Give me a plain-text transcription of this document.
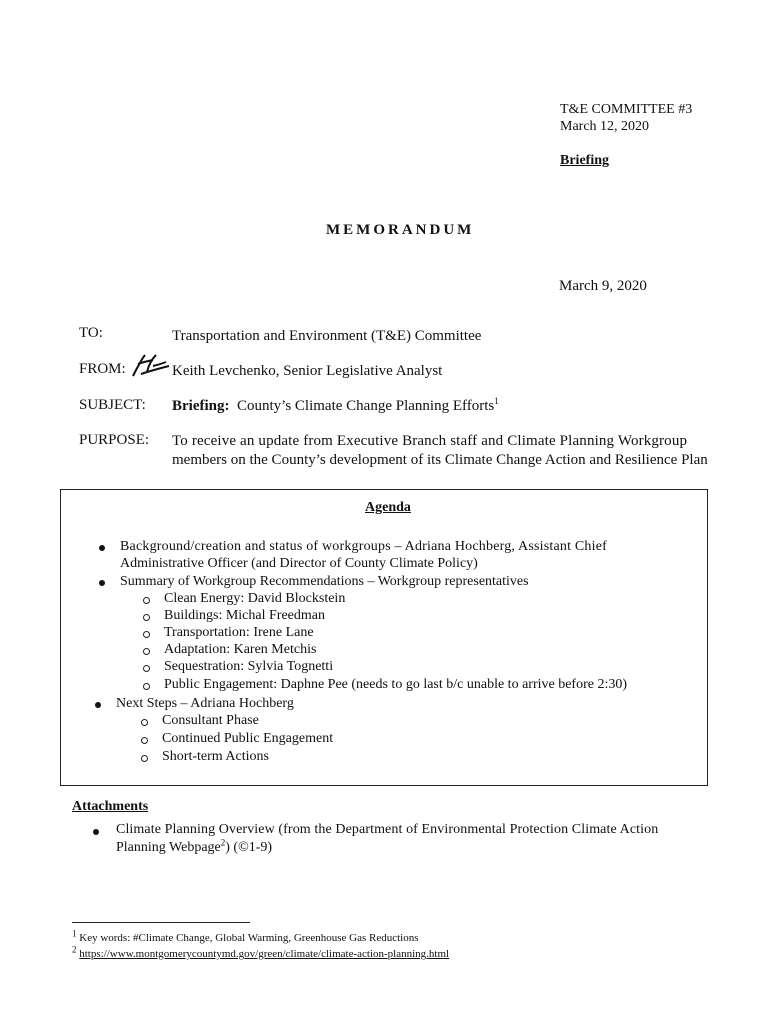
T&E COMMITTEE #3
March 12, 2020
Briefing
MEMORANDUM
March 9, 2020
TO:	Transportation and Environment (T&E) Committee
FROM:	Keith Levchenko, Senior Legislative Analyst
SUBJECT: Briefing: County’s Climate Change Planning Efforts$^1$
PURPOSE: To receive an update from Executive Branch staff and Climate Planning Workgroup
members on the County’s development of its Climate Change Action and Resilience Plan
Agenda
Background/creation and status of workgroups – Adriana Hochberg, Assistant Chief
Administrative Officer (and Director of County Climate Policy)
Summary of Workgroup Recommendations – Workgroup representatives
Clean Energy: David Blockstein
Buildings: Michal Freedman
Transportation: Irene Lane
Adaptation: Karen Metchis
Sequestration: Sylvia Tognetti
Public Engagement: Daphne Pee (needs to go last b/c unable to arrive before 2:30)
Next Steps – Adriana Hochberg
Consultant Phase
Continued Public Engagement
Short-term Actions
Attachments
Climate Planning Overview (from the Department of Environmental Protection Climate Action
Planning Webpage$^2$) (©1-9)
$^1$ Key words: #Climate Change, Global Warming, Greenhouse Gas Reductions
$^2$ https://www.montgomerycountymd.gov/green/climate/climate-action-planning.html
